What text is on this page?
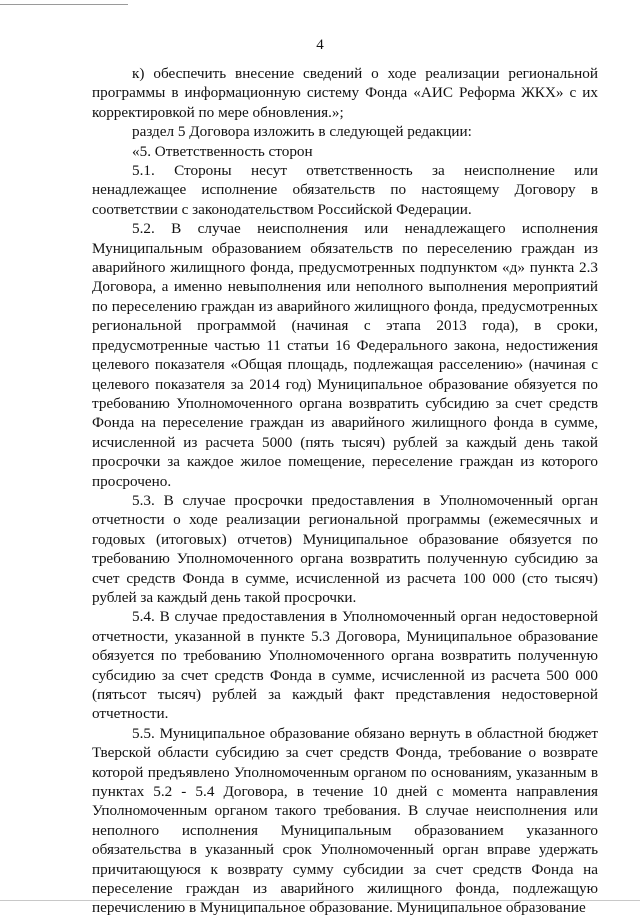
4

к) обеспечить внесение сведений о ходе реализации региональной программы в информационную систему Фонда «АИС Реформа ЖКХ» с их корректировкой по мере обновления.»;

раздел 5 Договора изложить в следующей редакции:

«5. Ответственность сторон

5.1. Стороны несут ответственность за неисполнение или ненадлежащее исполнение обязательств по настоящему Договору в соответствии с законодательством Российской Федерации.

5.2. В случае неисполнения или ненадлежащего исполнения Муниципальным образованием обязательств по переселению граждан из аварийного жилищного фонда, предусмотренных подпунктом «д» пункта 2.3 Договора, а именно невыполнения или неполного выполнения мероприятий по переселению граждан из аварийного жилищного фонда, предусмотренных региональной программой (начиная с этапа 2013 года), в сроки, предусмотренные частью 11 статьи 16 Федерального закона, недостижения целевого показателя «Общая площадь, подлежащая расселению» (начиная с целевого показателя за 2014 год) Муниципальное образование обязуется по требованию Уполномоченного органа возвратить субсидию за счет средств Фонда на переселение граждан из аварийного жилищного фонда в сумме, исчисленной из расчета 5000 (пять тысяч) рублей за каждый день такой просрочки за каждое жилое помещение, переселение граждан из которого просрочено.

5.3. В случае просрочки предоставления в Уполномоченный орган отчетности о ходе реализации региональной программы (ежемесячных и годовых (итоговых) отчетов) Муниципальное образование обязуется по требованию Уполномоченного органа возвратить полученную субсидию за счет средств Фонда в сумме, исчисленной из расчета 100 000 (сто тысяч) рублей за каждый день такой просрочки.

5.4. В случае предоставления в Уполномоченный орган недостоверной отчетности, указанной в пункте 5.3 Договора, Муниципальное образование обязуется по требованию Уполномоченного органа возвратить полученную субсидию за счет средств Фонда в сумме, исчисленной из расчета 500 000 (пятьсот тысяч) рублей за каждый факт представления недостоверной отчетности.

5.5. Муниципальное образование обязано вернуть в областной бюджет Тверской области субсидию за счет средств Фонда, требование о возврате которой предъявлено Уполномоченным органом по основаниям, указанным в пунктах 5.2 - 5.4 Договора, в течение 10 дней с момента направления Уполномоченным органом такого требования. В случае неисполнения или неполного исполнения Муниципальным образованием указанного обязательства в указанный срок Уполномоченный орган вправе удержать причитающуюся к возврату сумму субсидии за счет средств Фонда на переселение граждан из аварийного жилищного фонда, подлежащую перечислению в Муниципальное образование. Муниципальное образование
